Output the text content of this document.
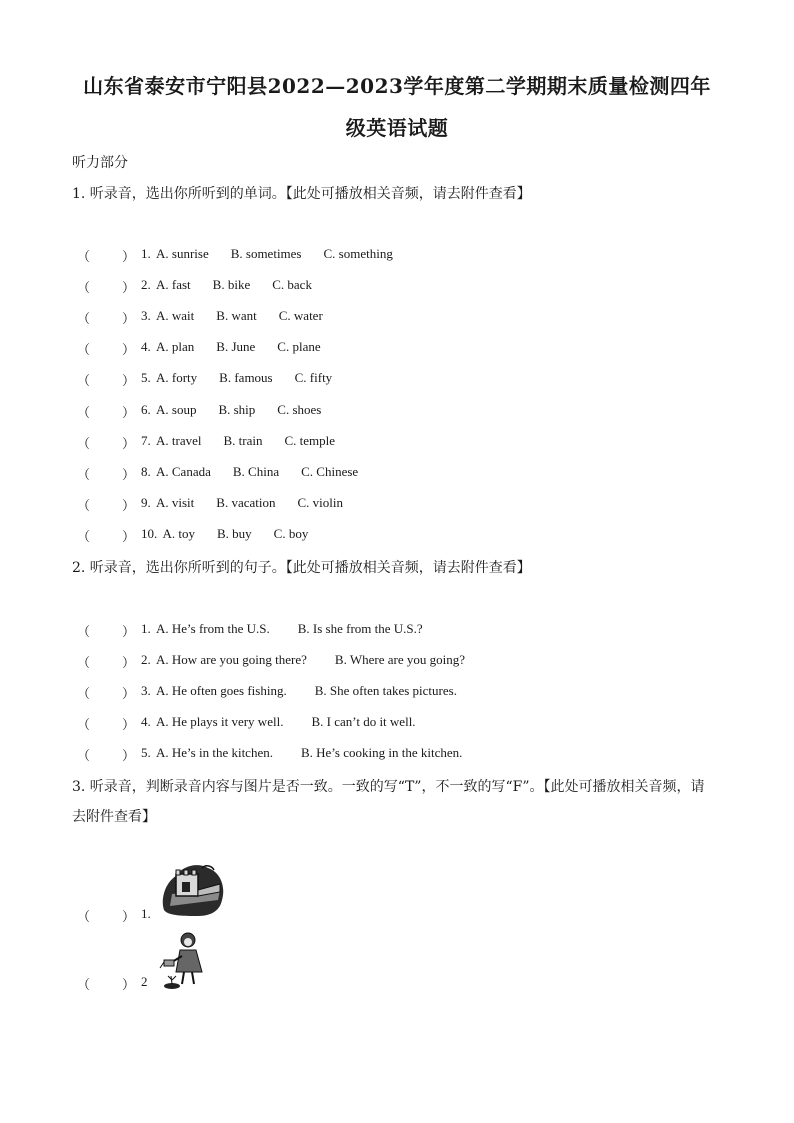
山东省泰安市宁阳县2022—2023学年度第二学期期末质量检测四年
级英语试题
听力部分
1. 听录音，选出你所听到的单词。【此处可播放相关音频，请去附件查看】
（ ） 1. A. sunrise B. sometimes C. something
（ ） 2. A. fast B. bike C. back
（ ） 3. A. wait B. want C. water
（ ） 4. A. plan B. June C. plane
（ ） 5. A. forty B. famous C. fifty
（ ） 6. A. soup B. ship C. shoes
（ ） 7. A. travel B. train C. temple
（ ） 8. A. Canada B. China C. Chinese
（ ） 9. A. visit B. vacation C. violin
（ ） 10. A. toy B. buy C. boy
2. 听录音，选出你所听到的句子。【此处可播放相关音频，请去附件查看】
（ ） 1. A. He’s from the U.S. B. Is she from the U.S.?
（ ） 2. A. How are you going there? B. Where are you going?
（ ） 3. A. He often goes fishing. B. She often takes pictures.
（ ） 4. A. He plays it very well. B. I can’t do it well.
（ ） 5. A. He’s in the kitchen. B. He’s cooking in the kitchen.
3. 听录音，判断录音内容与图片是否一致。一致的写“T”，不一致的写“F”。【此处可播放相关音频，请
去附件查看】
（ ） 1.
（ ） 2
